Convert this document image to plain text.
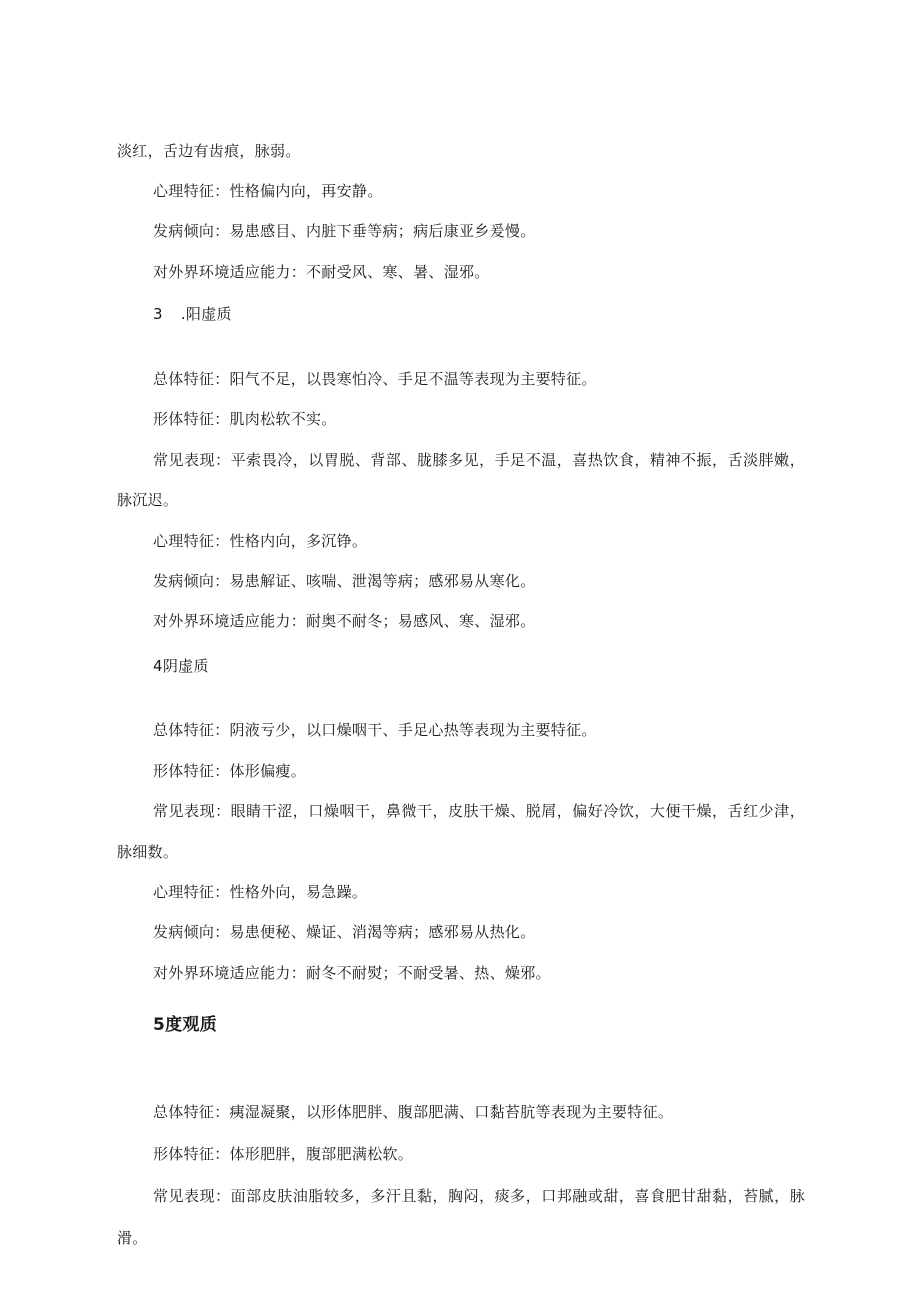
淡红，舌边有齿痕，脉弱。
心理特征：性格偏内向，再安静。
发病倾向：易患感目、内脏下垂等病；病后康亚乡爰慢。
对外界环境适应能力：不耐受风、寒、暑、湿邪。
3 .阳虚质
总体特征：阳气不足，以畏寒怕冷、手足不温等表现为主要特征。
形体特征：肌肉松软不实。
常见表现：平索畏冷，以胃脱、背部、胧膝多见，手足不温，喜热饮食，精神不振，舌淡胖嫩，
脉沉迟。
心理特征：性格内向，多沉铮。
发病倾向：易患解证、咳喘、泄渴等病；感邪易从寒化。
对外界环境适应能力：耐奥不耐冬；易感风、寒、湿邪。
4阴虚质
总体特征：阴液亏少，以口燥咽干、手足心热等表现为主要特征。
形体特征：体形偏瘦。
常见表现：眼睛干涩，口燥咽干，鼻微干，皮肤干燥、脱屑，偏好冷饮，大便干燥，舌红少津，
脉细数。
心理特征：性格外向，易急躁。
发病倾向：易患便秘、燥证、消渴等病；感邪易从热化。
对外界环境适应能力：耐冬不耐熨；不耐受暑、热、燥邪。
5度观质
总体特征：痍湿凝聚，以形体肥胖、腹部肥满、口黏苔肮等表现为主要特征。
形体特征：体形肥胖，腹部肥满松软。
常见表现：面部皮肤油脂较多，多汗且黏，胸闷，痰多，口邦融或甜，喜食肥甘甜黏，苔腻，脉
滑。
